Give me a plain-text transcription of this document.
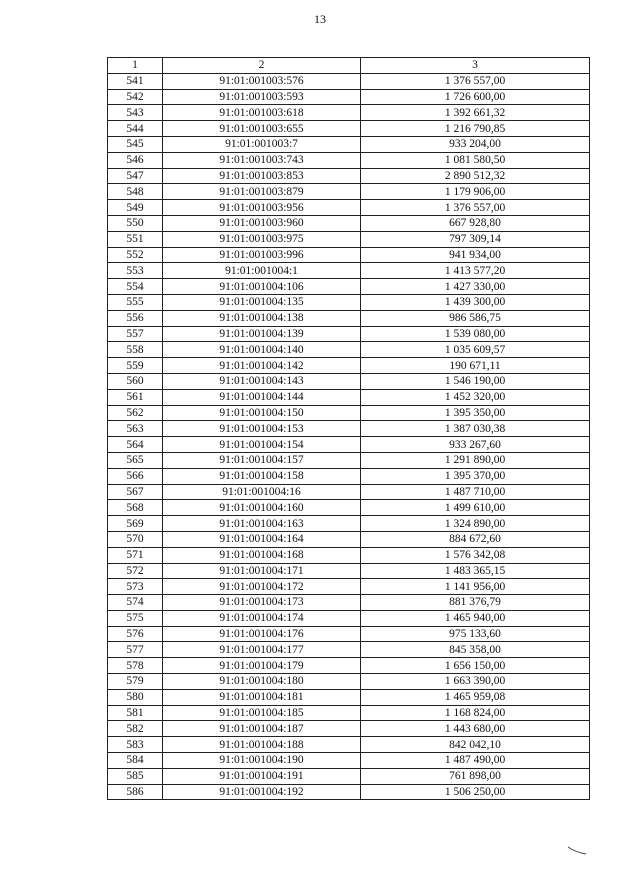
13
1	2	3
541	91:01:001003:576	1 376 557,00
542	91:01:001003:593	1 726 600,00
543	91:01:001003:618	1 392 661,32
544	91:01:001003:655	1 216 790,85
545	91:01:001003:7	933 204,00
546	91:01:001003:743	1 081 580,50
547	91:01:001003:853	2 890 512,32
548	91:01:001003:879	1 179 906,00
549	91:01:001003:956	1 376 557,00
550	91:01:001003:960	667 928,80
551	91:01:001003:975	797 309,14
552	91:01:001003:996	941 934,00
553	91:01:001004:1	1 413 577,20
554	91:01:001004:106	1 427 330,00
555	91:01:001004:135	1 439 300,00
556	91:01:001004:138	986 586,75
557	91:01:001004:139	1 539 080,00
558	91:01:001004:140	1 035 609,57
559	91:01:001004:142	190 671,11
560	91:01:001004:143	1 546 190,00
561	91:01:001004:144	1 452 320,00
562	91:01:001004:150	1 395 350,00
563	91:01:001004:153	1 387 030,38
564	91:01:001004:154	933 267,60
565	91:01:001004:157	1 291 890,00
566	91:01:001004:158	1 395 370,00
567	91:01:001004:16	1 487 710,00
568	91:01:001004:160	1 499 610,00
569	91:01:001004:163	1 324 890,00
570	91:01:001004:164	884 672,60
571	91:01:001004:168	1 576 342,08
572	91:01:001004:171	1 483 365,15
573	91:01:001004:172	1 141 956,00
574	91:01:001004:173	881 376,79
575	91:01:001004:174	1 465 940,00
576	91:01:001004:176	975 133,60
577	91:01:001004:177	845 358,00
578	91:01:001004:179	1 656 150,00
579	91:01:001004:180	1 663 390,00
580	91:01:001004:181	1 465 959,08
581	91:01:001004:185	1 168 824,00
582	91:01:001004:187	1 443 680,00
583	91:01:001004:188	842 042,10
584	91:01:001004:190	1 487 490,00
585	91:01:001004:191	761 898,00
586	91:01:001004:192	1 506 250,00
